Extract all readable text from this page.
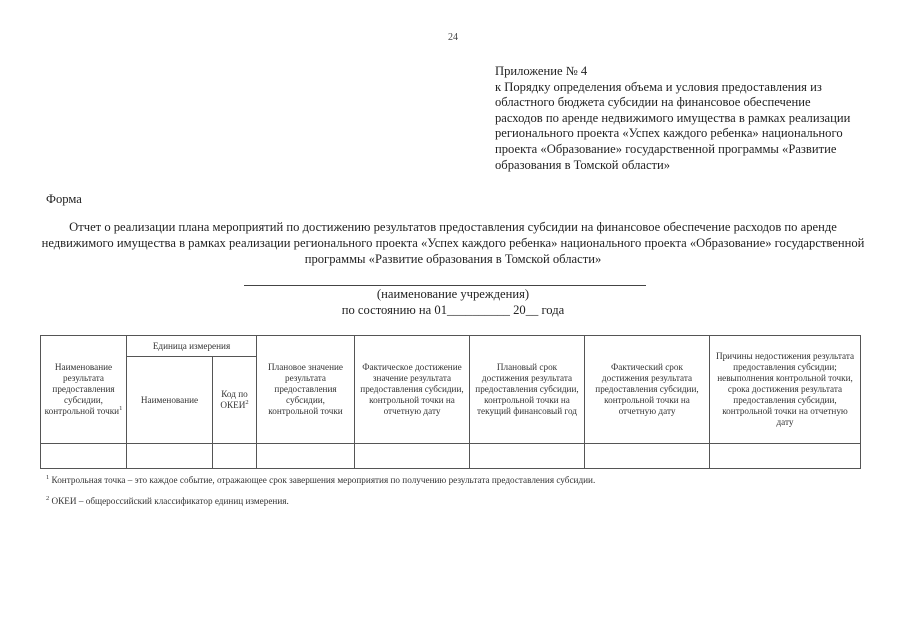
24
Приложение № 4
к Порядку определения объема и условия предоставления из областного бюджета субсидии на финансовое обеспечение расходов по аренде недвижимого имущества в рамках реализации регионального проекта «Успех каждого ребенка» национального проекта «Образование» государственной программы «Развитие образования в Томской области»
Форма
Отчет о реализации плана мероприятий по достижению результатов предоставления субсидии на финансовое обеспечение расходов по аренде недвижимого имущества в рамках реализации регионального проекта «Успех каждого ребенка» национального проекта «Образование» государственной программы «Развитие образования в Томской области»
(наименование учреждения)
по состоянию на 01__________ 20__ года
Наименование результата предоставления субсидии, контрольной точки$^1$	Единица измерения		Плановое значение результата предоставления субсидии, контрольной точки	Фактическое достижение значение результата предоставления субсидии, контрольной точки на отчетную дату	Плановый срок достижения результата предоставления субсидии, контрольной точки на текущий финансовый год	Фактический срок достижения результата предоставления субсидии, контрольной точки на отчетную дату	Причины недостижения результата предоставления субсидии; невыполнения контрольной точки, срока достижения результата предоставления субсидии, контрольной точки на отчетную дату
	Наименование	Код по ОКЕИ$^2$

$^1$ Контрольная точка – это каждое событие, отражающее срок завершения мероприятия по получению результата предоставления субсидии.
$^2$ ОКЕИ – общероссийский классификатор единиц измерения.
